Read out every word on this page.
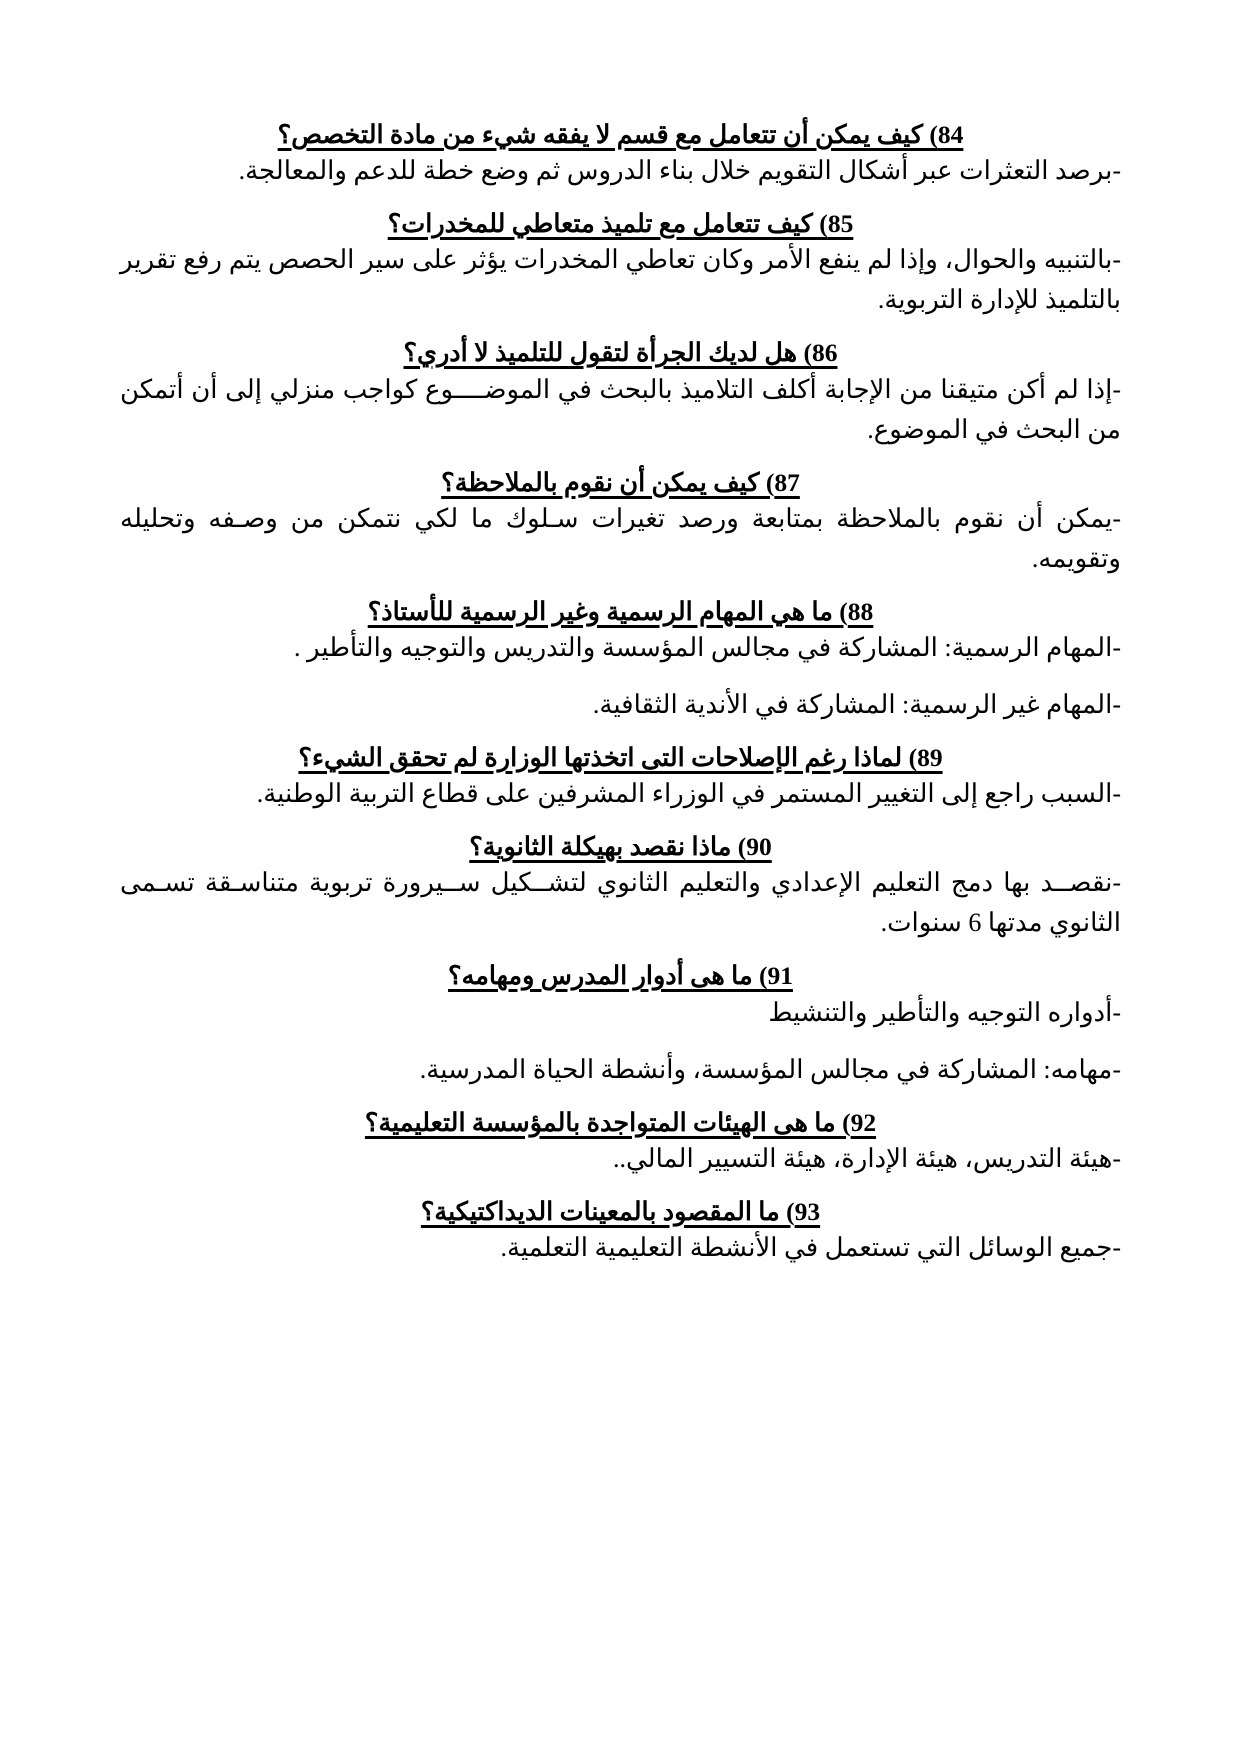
84) كيف يمكن أن تتعامل مع قسم لا يفقه شيء من مادة التخصص؟

-برصد التعثرات عبر أشكال التقويم خلال بناء الدروس ثم وضع خطة للدعم والمعالجة.

85) كيف تتعامل مع تلميذ متعاطي للمخدرات؟

-بالتنبيه والحوال، وإذا لم ينفع الأمر وكان تعاطي المخدرات يؤثر على سير الحصص يتم رفع تقرير بالتلميذ للإدارة التربوية.

86) هل لديك الجرأة لتقول للتلميذ لا أدري؟

-إذا لم أكن متيقنا من الإجابة أكلف التلاميذ بالبحث في الموضــــوع كواجب منزلي إلى أن أتمكن من البحث في الموضوع.

87) كيف يمكن أن نقوم بالملاحظة؟

-يمكن أن نقوم بالملاحظة بمتابعة ورصد تغيرات سـلوك ما لكي نتمكن من وصـفه وتحليله وتقويمه.

88) ما هي المهام الرسمية وغير الرسمية للأستاذ؟

-المهام الرسمية: المشاركة في مجالس المؤسسة والتدريس والتوجيه والتأطير .

-المهام غير الرسمية: المشاركة في الأندية الثقافية.

89) لماذا رغم الإصلاحات التى اتخذتها الوزارة لم تحقق الشيء؟

-السبب راجع إلى التغيير المستمر في الوزراء المشرفين على قطاع التربية الوطنية.

90) ماذا نقصد بهيكلة الثانوية؟

-نقصــد بها دمج التعليم الإعدادي والتعليم الثانوي لتشــكيل ســيرورة تربوية متناسـقة تسـمى الثانوي مدتها 6 سنوات.

91) ما هى أدوار المدرس ومهامه؟

-أدواره التوجيه والتأطير والتنشيط

-مهامه: المشاركة في مجالس المؤسسة، وأنشطة الحياة المدرسية.

92) ما هى الهيئات المتواجدة بالمؤسسة التعليمية؟

-هيئة التدريس، هيئة الإدارة، هيئة التسيير المالي..

93) ما المقصود بالمعينات الديداكتيكية؟

-جميع الوسائل التي تستعمل في الأنشطة التعليمية التعلمية.
